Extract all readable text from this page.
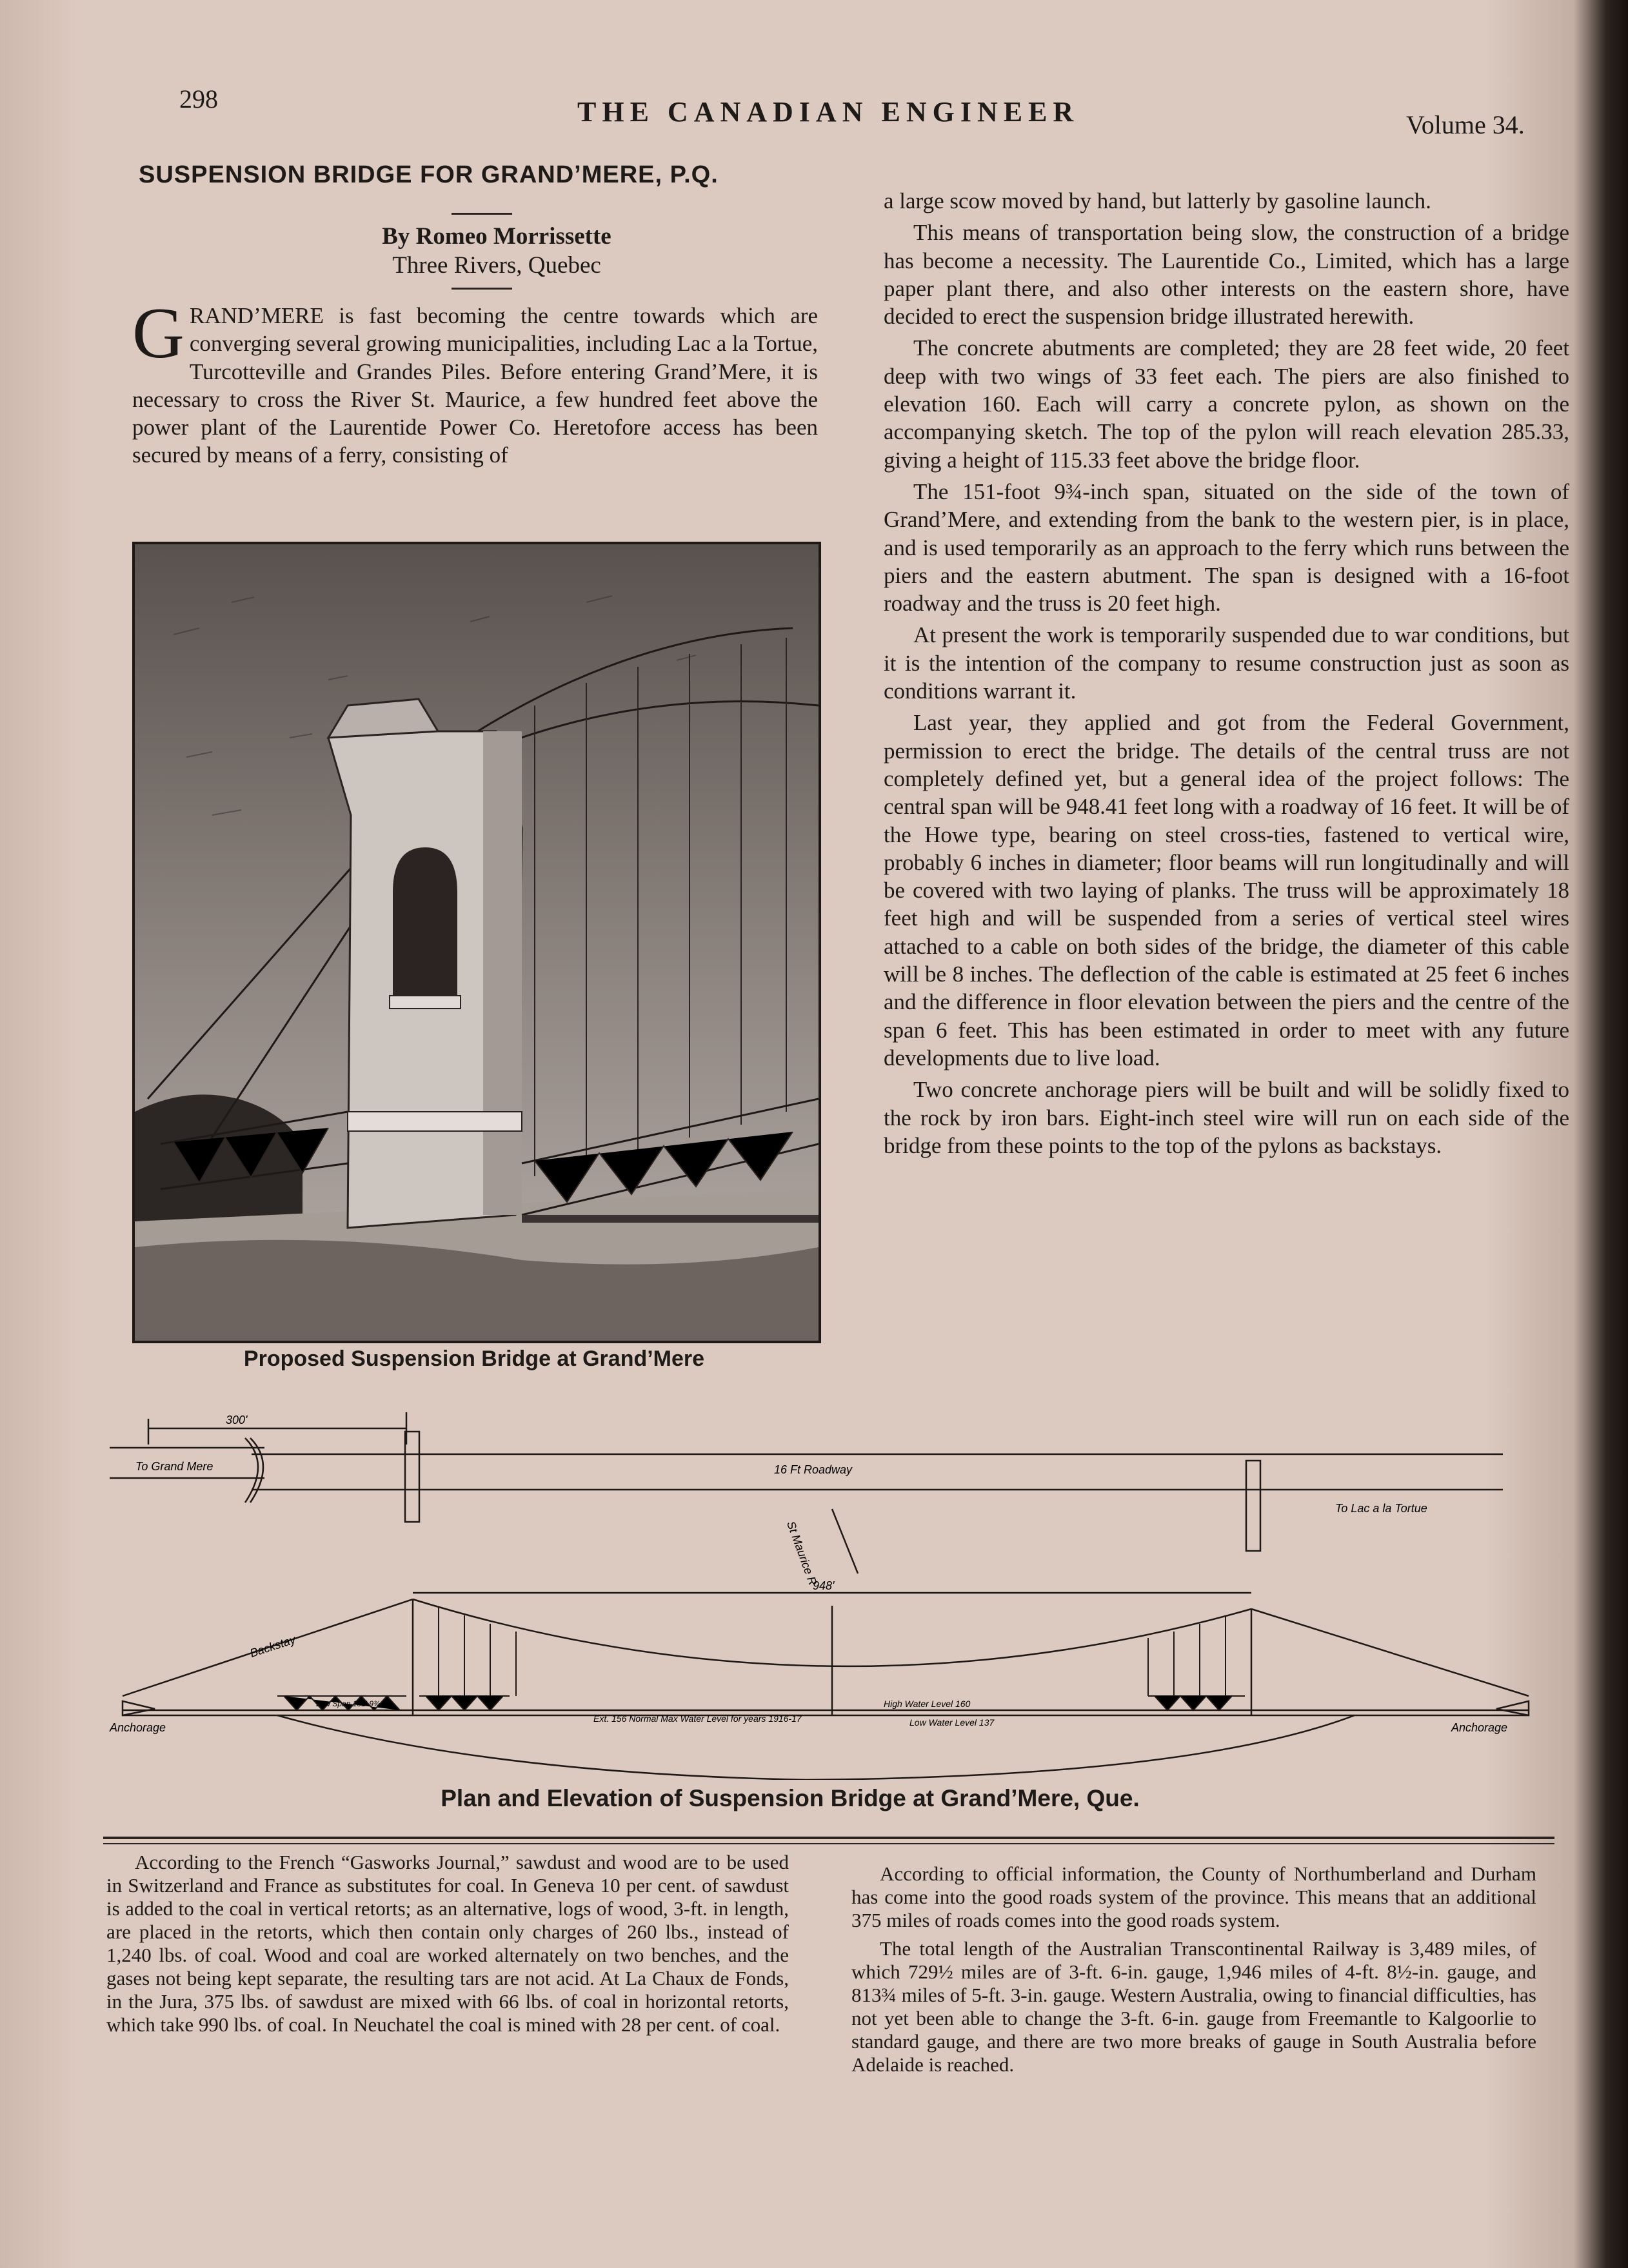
298	THE CANADIAN ENGINEER	Volume 34.
SUSPENSION BRIDGE FOR GRAND’MERE, P.Q.
By Romeo Morrissette
Three Rivers, Quebec
G RAND’MERE is fast becoming the centre towards which are converging several growing municipalities, including Lac a la Tortue, Turcotteville and Grandes Piles. Before entering Grand’Mere, it is necessary to cross the River St. Maurice, a few hundred feet above the power plant of the Laurentide Power Co. Heretofore access has been secured by means of a ferry, consisting of
Proposed Suspension Bridge at Grand’Mere

a large scow moved by hand, but latterly by gasoline launch.

This means of transportation being slow, the construction of a bridge has become a necessity. The Laurentide Co., Limited, which has a large paper plant there, and also other interests on the eastern shore, have decided to erect the suspension bridge illustrated herewith.

The concrete abutments are completed; they are 28 feet wide, 20 feet deep with two wings of 33 feet each. The piers are also finished to elevation 160. Each will carry a concrete pylon, as shown on the accompanying sketch. The top of the pylon will reach elevation 285.33, giving a height of 115.33 feet above the bridge floor.

The 151-foot 9¾-inch span, situated on the side of the town of Grand’Mere, and extending from the bank to the western pier, is in place, and is used temporarily as an approach to the ferry which runs between the piers and the eastern abutment. The span is designed with a 16-foot roadway and the truss is 20 feet high.

At present the work is temporarily suspended due to war conditions, but it is the intention of the company to resume construction just as soon as conditions warrant it.

Last year, they applied and got from the Federal Government, permission to erect the bridge. The details of the central truss are not completely defined yet, but a general idea of the project follows: The central span will be 948.41 feet long with a roadway of 16 feet. It will be of the Howe type, bearing on steel cross-ties, fastened to vertical wire, probably 6 inches in diameter; floor beams will run longitudinally and will be covered with two laying of planks. The truss will be approximately 18 feet high and will be suspended from a series of vertical steel wires attached to a cable on both sides of the bridge, the diameter of this cable will be 8 inches. The deflection of the cable is estimated at 25 feet 6 inches and the difference in floor elevation between the piers and the centre of the span 6 feet. This has been estimated in order to meet with any future developments due to live load.

Two concrete anchorage piers will be built and will be solidly fixed to the rock by iron bars. Eight-inch steel wire will run on each side of the bridge from these points to the top of the pylons as backstays.

300'
To Grand Mere	16 Ft Roadway
To Lac a la Tortue
St Maurice R
948'
Backstay
Anchorage	Anchorage
High Water Level 160
Low Water Level 137
Ext. 156 Normal Max Water Level for years 1916-17
Low Span 151' 9¾
Plan and Elevation of Suspension Bridge at Grand’Mere, Que.

According to the French “Gasworks Journal,” sawdust and wood are to be used in Switzerland and France as substitutes for coal. In Geneva 10 per cent. of sawdust is added to the coal in vertical retorts; as an alternative, logs of wood, 3-ft. in length, are placed in the retorts, which then contain only charges of 260 lbs., instead of 1,240 lbs. of coal. Wood and coal are worked alternately on two benches, and the gases not being kept separate, the resulting tars are not acid. At La Chaux de Fonds, in the Jura, 375 lbs. of sawdust are mixed with 66 lbs. of coal in horizontal retorts, which take 990 lbs. of coal. In Neuchatel the coal is mined with 28 per cent. of coal.

According to official information, the County of Northumberland and Durham has come into the good roads system of the province. This means that an additional 375 miles of roads comes into the good roads system.

The total length of the Australian Transcontinental Railway is 3,489 miles, of which 729½ miles are of 3-ft. 6-in. gauge, 1,946 miles of 4-ft. 8½-in. gauge, and 813¾ miles of 5-ft. 3-in. gauge. Western Australia, owing to financial difficulties, has not yet been able to change the 3-ft. 6-in. gauge from Freemantle to Kalgoorlie to standard gauge, and there are two more breaks of gauge in South Australia before Adelaide is reached.
